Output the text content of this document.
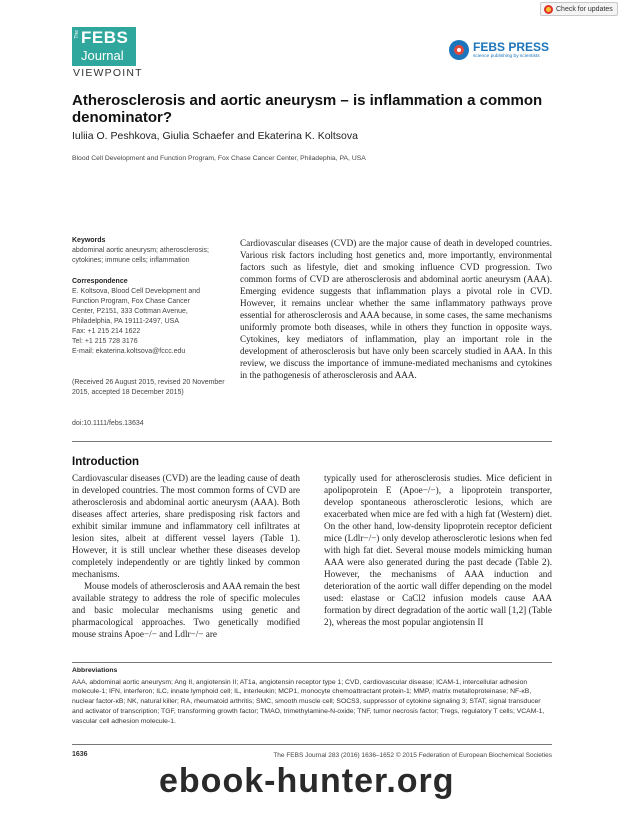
Check for updates
The FEBS
Journal
VIEWPOINT
FEBS PRESS
science publishing by scientists
Atherosclerosis and aortic aneurysm – is inflammation a common denominator?
Iuliia O. Peshkova, Giulia Schaefer and Ekaterina K. Koltsova
Blood Cell Development and Function Program, Fox Chase Cancer Center, Philadephia, PA, USA
Keywords
abdominal aortic aneurysm; atherosclerosis; cytokines; immune cells; inflammation
Correspondence
E. Koltsova, Blood Cell Development and
Function Program, Fox Chase Cancer
Center, P2151, 333 Cottman Avenue,
Philadelphia, PA 19111-2497, USA
Fax: +1 215 214 1622
Tel: +1 215 728 3176
E-mail: ekaterina.koltsova@fccc.edu
(Received 26 August 2015, revised 20 November 2015, accepted 18 December 2015)
doi:10.1111/febs.13634

Cardiovascular diseases (CVD) are the major cause of death in developed countries. Various risk factors including host genetics and, more importantly, environmental factors such as lifestyle, diet and smoking influence CVD progression. Two common forms of CVD are atherosclerosis and abdominal aortic aneurysm (AAA). Emerging evidence suggests that inflammation plays a pivotal role in CVD. However, it remains unclear whether the same inflammatory pathways prove essential for atherosclerosis and AAA because, in some cases, the same mechanisms uniformly promote both diseases, while in others they function in opposite ways. Cytokines, key mediators of inflammation, play an important role in the development of atherosclerosis but have only been scarcely studied in AAA. In this review, we discuss the importance of immune-mediated mechanisms and cytokines in the pathogenesis of atherosclerosis and AAA.

Introduction

Cardiovascular diseases (CVD) are the leading cause of death in developed countries. The most common forms of CVD are atherosclerosis and abdominal aortic aneurysm (AAA). Both diseases affect arteries, share predisposing risk factors and exhibit similar immune and inflammatory cell infiltrates at lesion sites, albeit at different vessel layers (Table 1). However, it is still unclear whether these diseases develop completely independently or are tightly linked by common mechanisms.

Mouse models of atherosclerosis and AAA remain the best available strategy to address the role of specific molecules and basic molecular mechanisms using genetic and pharmacological approaches. Two genetically modified mouse strains Apoe−/− and Ldlr−/− are

typically used for atherosclerosis studies. Mice deficient in apolipoprotein E (Apoe−/−), a lipoprotein transporter, develop spontaneous atherosclerotic lesions, which are exacerbated when mice are fed with a high fat (Western) diet. On the other hand, low-density lipoprotein receptor deficient mice (Ldlr−/−) only develop atherosclerotic lesions when fed with high fat diet. Several mouse models mimicking human AAA were also generated during the past decade (Table 2). However, the mechanisms of AAA induction and deterioration of the aortic wall differ depending on the model used: elastase or CaCl2 infusion models cause AAA formation by direct degradation of the aortic wall [1,2] (Table 2), whereas the most popular angiotensin II

Abbreviations
AAA, abdominal aortic aneurysm; Ang II, angiotensin II; AT1a, angiotensin receptor type 1; CVD, cardiovascular disease; ICAM-1, intercellular adhesion molecule-1; IFN, interferon; ILC, innate lymphoid cell; IL, interleukin; MCP1, monocyte chemoattractant protein-1; MMP, matrix metalloproteinase; NF-κB, nuclear factor-κB; NK, natural killer; RA, rheumatoid arthritis; SMC, smooth muscle cell; SOCS3, suppressor of cytokine signaling 3; STAT, signal transducer and activator of transcription; TGF, transforming growth factor; TMAO, trimethylamine-N-oxide; TNF, tumor necrosis factor; Tregs, regulatory T cells; VCAM-1, vascular cell adhesion molecule-1.
1636	The FEBS Journal 283 (2016) 1636–1652 © 2015 Federation of European Biochemical Societies
ebook-hunter.org
